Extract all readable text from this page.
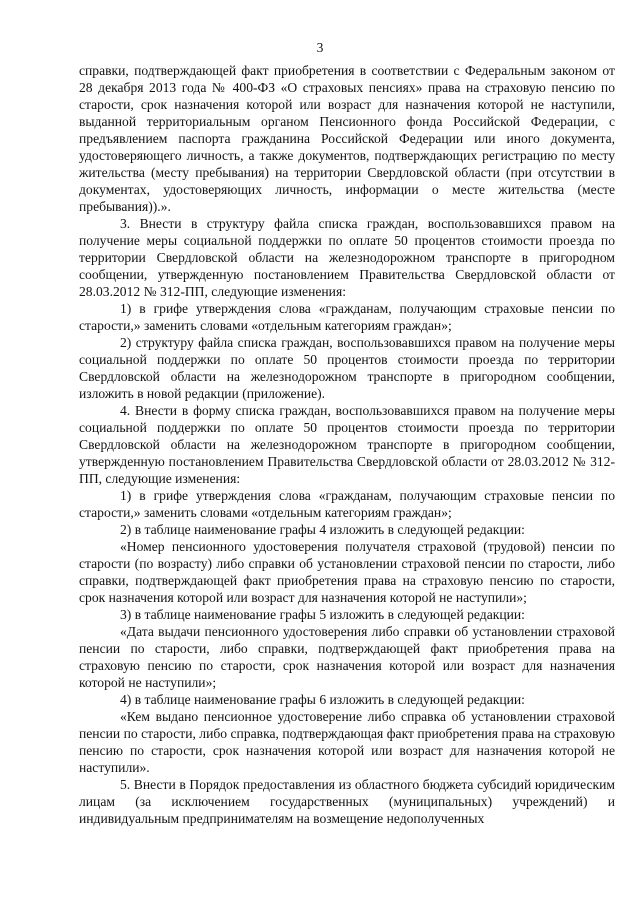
3

справки, подтверждающей факт приобретения в соответствии с Федеральным законом от 28 декабря 2013 года № 400-ФЗ «О страховых пенсиях» права на страховую пенсию по старости, срок назначения которой или возраст для назначения которой не наступили, выданной территориальным органом Пенсионного фонда Российской Федерации, с предъявлением паспорта гражданина Российской Федерации или иного документа, удостоверяющего личность, а также документов, подтверждающих регистрацию по месту жительства (месту пребывания) на территории Свердловской области (при отсутствии в документах, удостоверяющих личность, информации о месте жительства (месте пребывания)).».

3. Внести в структуру файла списка граждан, воспользовавшихся правом на получение меры социальной поддержки по оплате 50 процентов стоимости проезда по территории Свердловской области на железнодорожном транспорте в пригородном сообщении, утвержденную постановлением Правительства Свердловской области от 28.03.2012 № 312-ПП, следующие изменения:

1) в грифе утверждения слова «гражданам, получающим страховые пенсии по старости,» заменить словами «отдельным категориям граждан»;

2) структуру файла списка граждан, воспользовавшихся правом на получение меры социальной поддержки по оплате 50 процентов стоимости проезда по территории Свердловской области на железнодорожном транспорте в пригородном сообщении, изложить в новой редакции (приложение).

4. Внести в форму списка граждан, воспользовавшихся правом на получение меры социальной поддержки по оплате 50 процентов стоимости проезда по территории Свердловской области на железнодорожном транспорте в пригородном сообщении, утвержденную постановлением Правительства Свердловской области от 28.03.2012 № 312-ПП, следующие изменения:

1) в грифе утверждения слова «гражданам, получающим страховые пенсии по старости,» заменить словами «отдельным категориям граждан»;

2) в таблице наименование графы 4 изложить в следующей редакции:

«Номер пенсионного удостоверения получателя страховой (трудовой) пенсии по старости (по возрасту) либо справки об установлении страховой пенсии по старости, либо справки, подтверждающей факт приобретения права на страховую пенсию по старости, срок назначения которой или возраст для назначения которой не наступили»;

3) в таблице наименование графы 5 изложить в следующей редакции:

«Дата выдачи пенсионного удостоверения либо справки об установлении страховой пенсии по старости, либо справки, подтверждающей факт приобретения права на страховую пенсию по старости, срок назначения которой или возраст для назначения которой не наступили»;

4) в таблице наименование графы 6 изложить в следующей редакции:

«Кем выдано пенсионное удостоверение либо справка об установлении страховой пенсии по старости, либо справка, подтверждающая факт приобретения права на страховую пенсию по старости, срок назначения которой или возраст для назначения которой не наступили».

5. Внести в Порядок предоставления из областного бюджета субсидий юридическим лицам (за исключением государственных (муниципальных) учреждений) и индивидуальным предпринимателям на возмещение недополученных
